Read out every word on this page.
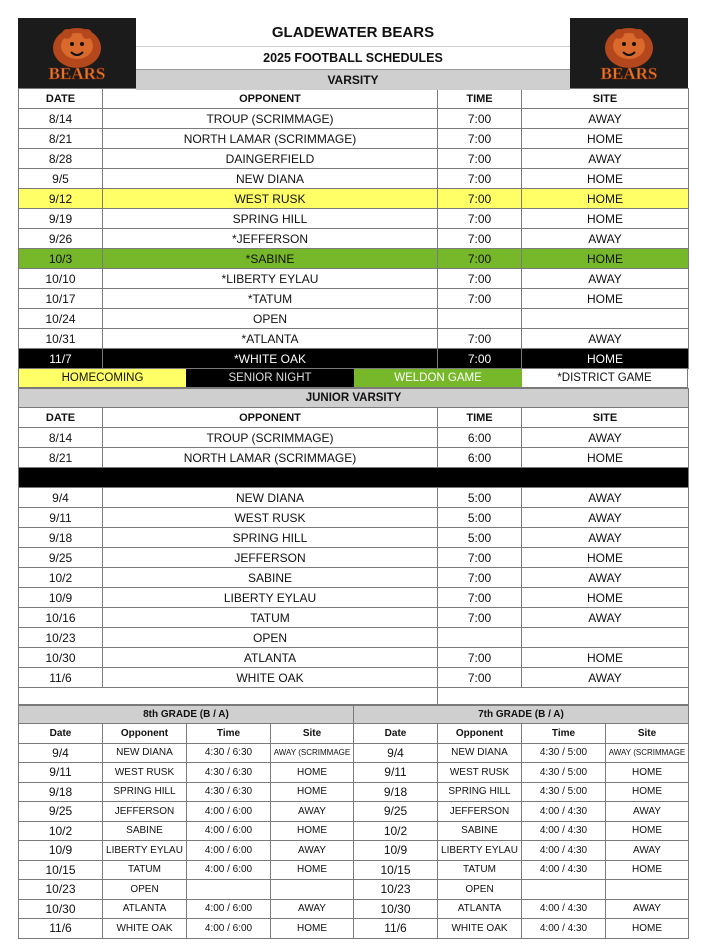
BEARS
GLADEWATER BEARS
2025 FOOTBALL SCHEDULES
VARSITY	BEARS
DATE	OPPONENT	TIME	SITE
8/14	TROUP (SCRIMMAGE)	7:00	AWAY
8/21	NORTH LAMAR (SCRIMMAGE)	7:00	HOME
8/28	DAINGERFIELD	7:00	AWAY
9/5	NEW DIANA	7:00	HOME
9/12	WEST RUSK	7:00	HOME
9/19	SPRING HILL	7:00	HOME
9/26	*JEFFERSON	7:00	AWAY
10/3	*SABINE	7:00	HOME
10/10	*LIBERTY EYLAU	7:00	AWAY
10/17	*TATUM	7:00	HOME
10/24	OPEN		
10/31	*ATLANTA	7:00	AWAY
11/7	*WHITE OAK	7:00	HOME
HOMECOMING	SENIOR NIGHT	WELDON GAME	*DISTRICT GAME
JUNIOR VARSITY			
DATE	OPPONENT	TIME	SITE
8/14	TROUP (SCRIMMAGE)	6:00	AWAY
8/21	NORTH LAMAR (SCRIMMAGE)	6:00	HOME

9/4	NEW DIANA	5:00	AWAY
9/11	WEST RUSK	5:00	AWAY
9/18	SPRING HILL	5:00	AWAY
9/25	JEFFERSON	7:00	HOME
10/2	SABINE	7:00	AWAY
10/9	LIBERTY EYLAU	7:00	HOME
10/16	TATUM	7:00	AWAY
10/23	OPEN		
10/30	ATLANTA	7:00	HOME
11/6	WHITE OAK	7:00	AWAY

8th GRADE (B / A)				7th GRADE (B / A)			
Date	Opponent	Time	Site	Date	Opponent	Time	Site
9/4	NEW DIANA	4:30 / 6:30	AWAY (SCRIMMAGE	9/4	NEW DIANA	4:30 / 5:00	AWAY (SCRIMMAGE
9/11	WEST RUSK	4:30 / 6:30	HOME	9/11	WEST RUSK	4:30 / 5:00	HOME
9/18	SPRING HILL	4:30 / 6:30	HOME	9/18	SPRING HILL	4:30 / 5:00	HOME
9/25	JEFFERSON	4:00 / 6:00	AWAY	9/25	JEFFERSON	4:00 / 4:30	AWAY
10/2	SABINE	4:00 / 6:00	HOME	10/2	SABINE	4:00 / 4:30	HOME
10/9	LIBERTY EYLAU	4:00 / 6:00	AWAY	10/9	LIBERTY EYLAU	4:00 / 4:30	AWAY
10/15	TATUM	4:00 / 6:00	HOME	10/15	TATUM	4:00 / 4:30	HOME
10/23	OPEN			10/23	OPEN		
10/30	ATLANTA	4:00 / 6:00	AWAY	10/30	ATLANTA	4:00 / 4:30	AWAY
11/6	WHITE OAK	4:00 / 6:00	HOME	11/6	WHITE OAK	4:00 / 4:30	HOME
